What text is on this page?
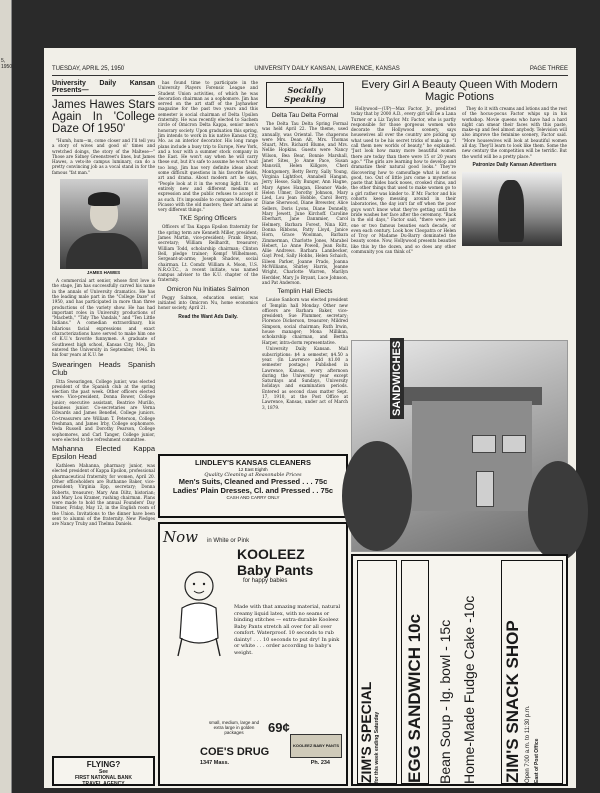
5, 1950	TUESDAY, APRIL 25, 1950	UNIVERSITY DAILY KANSAN, LAWRENCE, KANSAS	PAGE THREE
University Daily Kansan Presents—
James Hawes Stars Again In 'College Daze Of 1950'

"Humh, hum—m, come closer and I'll tell you a story of wives and good ol' times and wretched doings, the story of the Maltese—" Those are Sidney Greenstreet's lines, but James Hawes, a vets-ite campus luminary, can do a pretty convincing job as a vocal stand in for the famous "fat man."

JAMES HAWES

A commercial art senior, whose first love is the stage, Jim has successfully carved his name in the annals of University dramatics. He has the leading male part in the "College Daze" of 1950, and has participated in more than three productions of the variety show. He has had important roles in University productions of "Macbeth," "Tidy The Vandals," and "Ten Little Indians." A comedian extraordinary, his hilarious facial expressions and exact characterizations have served to make him one of K.U.'s favorite funnymen. A graduate of Southwest high school, Kansas City, Mo., Jim entered the University in September, 1946. In his four years at K.U. he

Swearingen Heads Spanish Club

Etta Swearingen, College junior, was elected president of the Spanish club at the spring election the past week. Other officers elected were: Vice-president, Donna Bower, College junior; executive assistant, Beatrice Murillo, business junior. Co-secretaries are Verna Edwards and James Benefiel, College juniors. Co-treasurers are William T. Peterson, College freshman, and James Irby, College sophomore. Veda Russell and Dorothy Pearson, College sophomores, and Carl Tanger, College junior, were elected to the refreshment committee.

Mahanna Elected Kappa Epsilon Head

Kathleen Mahanna, pharmacy junior, was elected president of Kappa Epsilon, professional pharmaceutical fraternity for women, April 20. Other officeholders are Ruthanne Baker, vice-president; Virginia Epp, secretary; Donna Roberts, treasurer; Mary Ann Diltz, historian; and Mary Lou Kramer, rushing chairman. Plans were made to hold the annual Founders' Day Dinner, Friday, May 12, in the English room of the Union. Invitations to the dinner have been sent to alumni of the fraternity. New Pledges are Nancy Truby and Thelma Daniels.

FLYING?
See
FIRST NATIONAL BANK
TRAVEL AGENCY

has found time to participate in the University Players Forensic League and Student Union activities, of which he was decoration chairman as a sophomore. Jim has served on the art staff of the Jayhawker magazine for the past two years and this semester is social chairman of Delta Upsilon fraternity. He was recently elected to Sachem circle of Omicron Delta Kappa, senior men's honorary society. Upon graduation this spring, Jim intends to work in his native Kansas City, Mo. as an interior decorator. His long range plans include a busy trip to Europe, New York, and a tour with a summer stock company in the East. He won't say when he will carry these out, but it's safe to assume he won't wait too long. Jim has very definite ideas about some difficult questions in his favorite fields, art and drama. About modern art he says, "People look at it in the wrong light. It's an entirely new and different medium of expression and the public refuses to accept it as such. It's impossible to compare Matisse or Picasso with the old masters; their art aims at very different things."

TKE Spring Officers

Officers of Tau Kappa Epsilon fraternity for the spring term are Kenneth Miller, president; James Martin, vice-president; Frank Bryan, secretary; William Reilhardt, treasurer; William Todd, scholarship chairman; Clinton Bell, pledge trainer; Kempf Wilhelmsen, Sergeant-at-arms; Joseph Shadow, social chairman. Lt. Comdr. William A. Moon, U.S. N.R.O.T.C., a recent initiate, was named campus adviser to the K.U. chapter of the fraternity.

Omicron Nu Initiates Salmon

Peggy Salmon, education senior, was initiated into Omicron Nu, home economics honor society, April 21.

Read the Want Ads Daily.
Socially Speaking
Delta Tau Delta Formal

The Delta Tau Delta Spring Formal was held April 22. The theme, used annually, was Oriental. The chaperons were Mrs. Dean Alt, Mrs. Thomas Stuart, Mrs. Richard Blume, and Mrs. Nellie Hopkins. Guests were Nancy Wilson, Bea Bear, Bonnie Marshall, Janet Sites, Jo Anne Pace, Susan Mansvill, Helen Killgore, Cheri Montgomery, Betty Berry, Sally Young, Virginia Lightfoot, Annabell Hangan, Jerry Hesse, Sally Bunger, Ann Hagne, Mary Agnes Hangan, Eleanor Wade, Helen Ulmer, Dorothy Johnson, Mary Lied, Lou Jean Hobble, Carol Berry, Diane Sherwood, Diane Brewster, Alice Sellers, Doris Lyons, Diane Donnelly, Mary Jewett, June Kirchoff. Caroline Eberhart, Jane Dannmier, Carol Helmery, Barbara Forest, Nina Kitt, Donna Ribbons, Patty Lloyd, Janice Horn, Grace Woolman, Barbara Zimmerman, Charlotte Jones, Marabel Hebert, Lo Anne Powell, Jean Roltz, Allie Andrews. Barbara Lannbecker, Gayl Pred, Sally Hobbs, Helen Schaich, Eileen Parker, Joanne Prado, Joanna McWilliams, Shirley Harris, Jeanne Wright, Charlotte Warren, Marilyn Herdder, Mary Jo Bryant, Luce Johnson, and Pat Anderson.

Templin Hall Elects

Louise Sanborn was elected president of Templin hall Monday. Other new officers are Barbara Baker, vice-president; Sue Plummer, secretary; Florence Dickerson, treasurer; Mildred Simpson, social chairman; Ruth Irwin, house manager; Mona Millikan, scholarship chairman, and Bertha Harper, intra-dorm representative.

University Daily Kansan. Mail subscriptions: $4 a semester, $4.50 a year. (In Lawrence add $1.00 a semester postage.) Published in Lawrence, Kansas, every afternoon during the University year except Saturdays and Sundays, University holidays and examination periods. Entered as second class matter Sept. 17, 1910, at the Post Office at Lawrence, Kansas, under act of March 3, 1879.

LINDLEY'S KANSAS CLEANERS
12 East Eighth
Quality Cleaning at Reasonable Prices
Men's Suits, Cleaned and Pressed . . . 75c
Ladies' Plain Dresses, Cl. and Pressed . . 75c
CASH AND CARRY ONLY
Now in White or Pink
KOOLEEZ
Baby Pants
for happy babies
Made with that amazing material, natural creamy liquid latex, with no seams or binding stitches — extra-durable Kooleez Baby Pants stretch all over for all over comfort. Waterproof. 10 seconds to rub dainty! . . . 10 seconds to put dry! In pink or white . . . order according to baby's weight.
small, medium, large and extra large in golden packages	69¢
KOOLEEZ BABY PANTS
COE'S DRUG
1347 Mass.	Ph. 234
Every Girl A Beauty Queen With Modern Magic Potions

Hollywood—(UP)—Max Factor, Jr., predicted today that by 2000 A.D., every girl will be a Lana Turner or a Liz Taylor. Mr. Factor, who is partly responsible for those gorgeous women who decorate the Hollywood scenery, says housewives all over the country are picking up what used to be his secret tricks of make up. "I call them new worlds of beauty," he explained. "Just look how many more beautiful women there are today than there were 15 or 20 years ago." "The girls are learning how to develop and dramatize their natural good looks." They're discovering how to camouflage what is not so good, too. Out of little jars come a mysterious paste that hides back noses, crooked chins, and the other things that used to make women go to a girl rather was kinder to. If Mr. Factor and his cohorts keep messing around in their laboratories, the day isn't far off when the poor guys won't know what they're getting until the bride washes her face after the ceremony. "Back in the old days," Factor said, "there were just one or two famous beauties each decade, or even each century. Look how Cleopatra or Helen of Troy or Madame Du-Barry dominated the beauty scene. Now, Hollywood presents beauties like this by the dozen, and so does any other community you can think of."

They do it with creams and lotions and the rest of the hocus-pocus Factor whips up in his workshop. Movie queens who have had a hard night can smear their faces with this paste, make-up and feel almost anybody. Television will also improve the feminine scenery, Factor said. "More housewives will look at beautiful women all day. They'll learn to look like them. Some the new century the competition will be terrific. But the world will be a pretty place."

Patronize Daily Kansan Advertisers
SANDWICHES
ZIM'S SPECIAL for this week ending Saturday EGG SANDWICH 10c Bean Soup - lg. bowl - 15c Home-Made Fudge Cake -10c ZIM'S SNACK SHOP Open 7:00 a.m. to 11:30 p.m. East of Post Office
